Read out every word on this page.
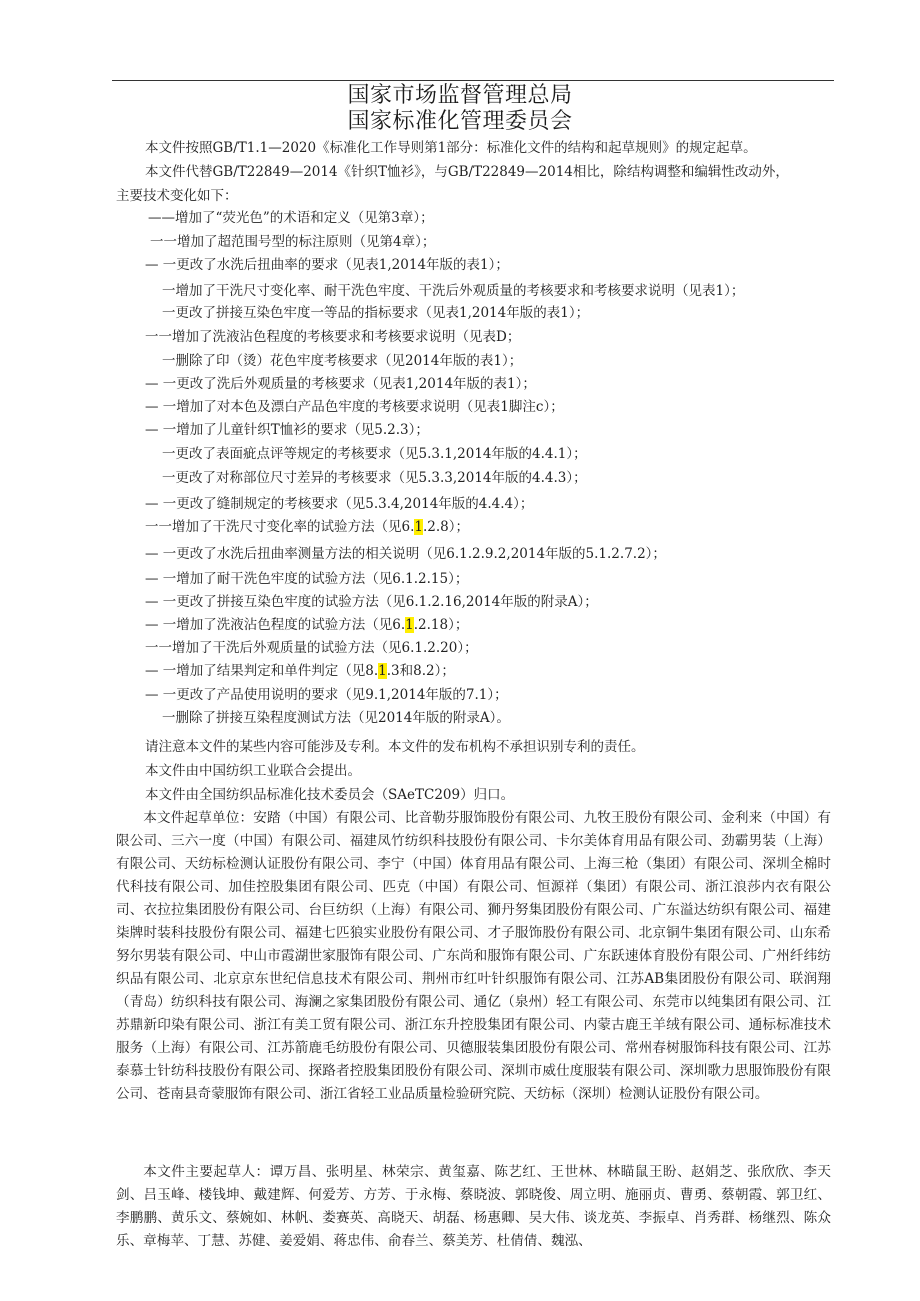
国家市场监督管理总局
国家标准化管理委员会
本文件按照GB/T1.1—2020《标准化工作导则第1部分：标准化文件的结构和起草规则》的规定起草。
本文件代替GB/T22849—2014《针织T恤衫》，与GB/T22849—2014相比，除结构调整和编辑性改动外，
主要技术变化如下：
——增加了“荧光色”的术语和定义（见第3章）；
一一增加了超范围号型的标注原则（见第4章）；
— 一更改了水洗后扭曲率的要求（见表1,2014年版的表1）；
一增加了干洗尺寸变化率、耐干洗色牢度、干洗后外观质量的考核要求和考核要求说明（见表1）；
一更改了拼接互染色牢度一等品的指标要求（见表1,2014年版的表1）；
一一增加了洗液沾色程度的考核要求和考核要求说明（见表D；
一删除了印（烫）花色牢度考核要求（见2014年版的表1）；
— 一更改了洗后外观质量的考核要求（见表1,2014年版的表1）；
— 一增加了对本色及漂白产品色牢度的考核要求说明（见表1脚注c）；
— 一增加了儿童针织T恤衫的要求（见5.2.3）；
一更改了表面疵点评等规定的考核要求（见5.3.1,2014年版的4.4.1）；
一更改了对称部位尺寸差异的考核要求（见5.3.3,2014年版的4.4.3）；
— 一更改了缝制规定的考核要求（见5.3.4,2014年版的4.4.4）；
一一增加了干洗尺寸变化率的试验方法（见6.1.2.8）；
— 一更改了水洗后扭曲率测量方法的相关说明（见6.1.2.9.2,2014年版的5.1.2.7.2）；
— 一增加了耐干洗色牢度的试验方法（见6.1.2.15）；
— 一更改了拼接互染色牢度的试验方法（见6.1.2.16,2014年版的附录A）；
— 一增加了洗液沾色程度的试验方法（见6.1.2.18）；
一一增加了干洗后外观质量的试验方法（见6.1.2.20）；
— 一增加了结果判定和单件判定（见8.1.3和8.2）；
— 一更改了产品使用说明的要求（见9.1,2014年版的7.1）；
一删除了拼接互染程度测试方法（见2014年版的附录A）。
请注意本文件的某些内容可能涉及专利。本文件的发布机构不承担识别专利的责任。
本文件由中国纺织工业联合会提出。
本文件由全国纺织品标准化技术委员会（SAeTC209）归口。
本文件起草单位：安踏（中国）有限公司、比音勒芬服饰股份有限公司、九牧王股份有限公司、金利来（中国）有限公司、三六一度（中国）有限公司、福建凤竹纺织科技股份有限公司、卡尔美体育用品有限公司、劲霸男装（上海）有限公司、天纺标检测认证股份有限公司、李宁（中国）体育用品有限公司、上海三枪（集团）有限公司、深圳全棉时代科技有限公司、加佳控股集团有限公司、匹克（中国）有限公司、恒源祥（集团）有限公司、浙江浪莎内衣有限公司、衣拉拉集团股份有限公司、台巨纺织（上海）有限公司、狮丹努集团股份有限公司、广东溢达纺织有限公司、福建柒牌时装科技股份有限公司、福建七匹狼实业股份有限公司、才子服饰股份有限公司、北京铜牛集团有限公司、山东希努尔男装有限公司、中山市霞湖世家服饰有限公司、广东尚和服饰有限公司、广东跃速体育股份有限公司、广州纤纬纺织品有限公司、北京京东世纪信息技术有限公司、荆州市红叶针织服饰有限公司、江苏AB集团股份有限公司、联润翔（青岛）纺织科技有限公司、海澜之家集团股份有限公司、通亿（泉州）轻工有限公司、东莞市以纯集团有限公司、江苏鼎新印染有限公司、浙江有美工贸有限公司、浙江东升控股集团有限公司、内蒙古鹿王羊绒有限公司、通标标准技术服务（上海）有限公司、江苏箭鹿毛纺股份有限公司、贝德服装集团股份有限公司、常州春树服饰科技有限公司、江苏泰慕士针纺科技股份有限公司、探路者控股集团股份有限公司、深圳市威仕度服装有限公司、深圳歌力思服饰股份有限公司、苍南县奇蒙服饰有限公司、浙江省轻工业品质量检验研究院、天纺标（深圳）检测认证股份有限公司。
本文件主要起草人：谭万昌、张明星、林荣宗、黄玺嘉、陈艺红、王世林、林瞄鼠王盼、赵娟芝、张欣欣、李天剑、吕玉峰、楼钱坤、戴建辉、何爱芳、方芳、于永梅、蔡晓波、郭晓俊、周立明、施丽贞、曹勇、蔡朝霞、郭卫红、李鹏鹏、黄乐文、蔡婉如、林帆、娄赛英、高晓天、胡磊、杨惠卿、吴大伟、谈龙英、李振卓、肖秀群、杨继烈、陈众乐、章梅苹、丁慧、苏健、姜爱娟、蒋忠伟、俞春兰、蔡美芳、杜倩倩、魏泓、
